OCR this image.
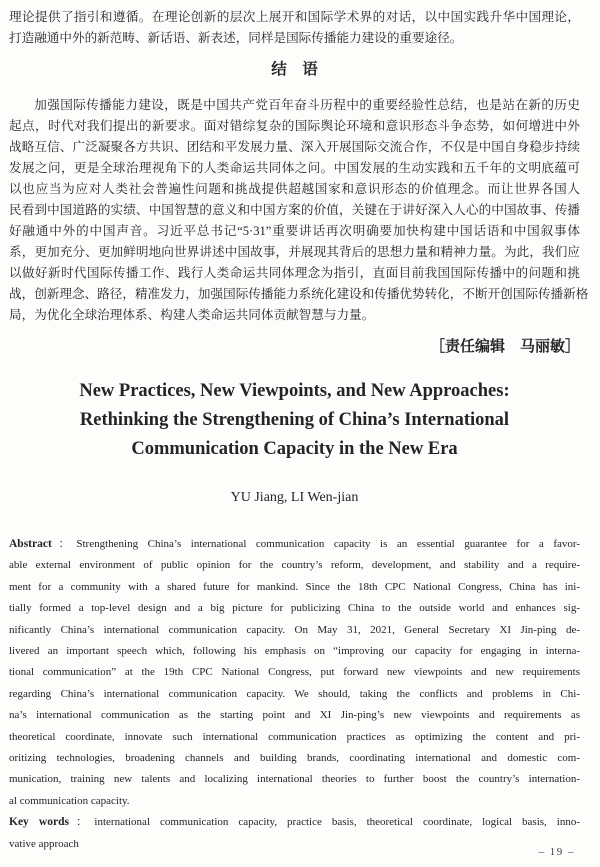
理论提供了指引和遵循。在理论创新的层次上展开和国际学术界的对话，以中国实践升华中国理论，
打造融通中外的新范畴、新话语、新表述，同样是国际传播能力建设的重要途径。
结　语
加强国际传播能力建设，既是中国共产党百年奋斗历程中的重要经验性总结，也是站在新的历史
起点，时代对我们提出的新要求。面对错综复杂的国际舆论环境和意识形态斗争态势，如何增进中外
战略互信、广泛凝聚各方共识、团结和平发展力量、深入开展国际交流合作，不仅是中国自身稳步持续
发展之问，更是全球治理视角下的人类命运共同体之问。中国发展的生动实践和五千年的文明底蕴可
以也应当为应对人类社会普遍性问题和挑战提供超越国家和意识形态的价值理念。而让世界各国人
民看到中国道路的实绩、中国智慧的意义和中国方案的价值，关键在于讲好深入人心的中国故事、传播
好融通中外的中国声音。习近平总书记“5·31”重要讲话再次明确要加快构建中国话语和中国叙事体
系，更加充分、更加鲜明地向世界讲述中国故事，并展现其背后的思想力量和精神力量。为此，我们应
以做好新时代国际传播工作、践行人类命运共同体理念为指引，直面目前我国国际传播中的问题和挑
战，创新理念、路径，精准发力，加强国际传播能力系统化建设和传播优势转化，不断开创国际传播新格
局，为优化全球治理体系、构建人类命运共同体贡献智慧与力量。
［责任编辑　马丽敏］
New Practices, New Viewpoints, and New Approaches:
Rethinking the Strengthening of China’s International
Communication Capacity in the New Era
YU Jiang, LI Wen-jian
Abstract：Strengthening China’s international communication capacity is an essential guarantee for a favor-
able external environment of public opinion for the country’s reform, development, and stability and a require-
ment for a community with a shared future for mankind. Since the 18th CPC National Congress, China has ini-
tially formed a top-level design and a big picture for publicizing China to the outside world and enhances sig-
nificantly China’s international communication capacity. On May 31, 2021, General Secretary XI Jin-ping de-
livered an important speech which, following his emphasis on “improving our capacity for engaging in interna-
tional communication” at the 19th CPC National Congress, put forward new viewpoints and new requirements
regarding China’s international communication capacity. We should, taking the conflicts and problems in Chi-
na’s international communication as the starting point and XI Jin-ping’s new viewpoints and requirements as
theoretical coordinate, innovate such international communication practices as optimizing the content and pri-
oritizing technologies, broadening channels and building brands, coordinating international and domestic com-
munication, training new talents and localizing international theories to further boost the country’s internation-
al communication capacity.
Key words：international communication capacity, practice basis, theoretical coordinate, logical basis, inno-
vative approach
– 19 –
